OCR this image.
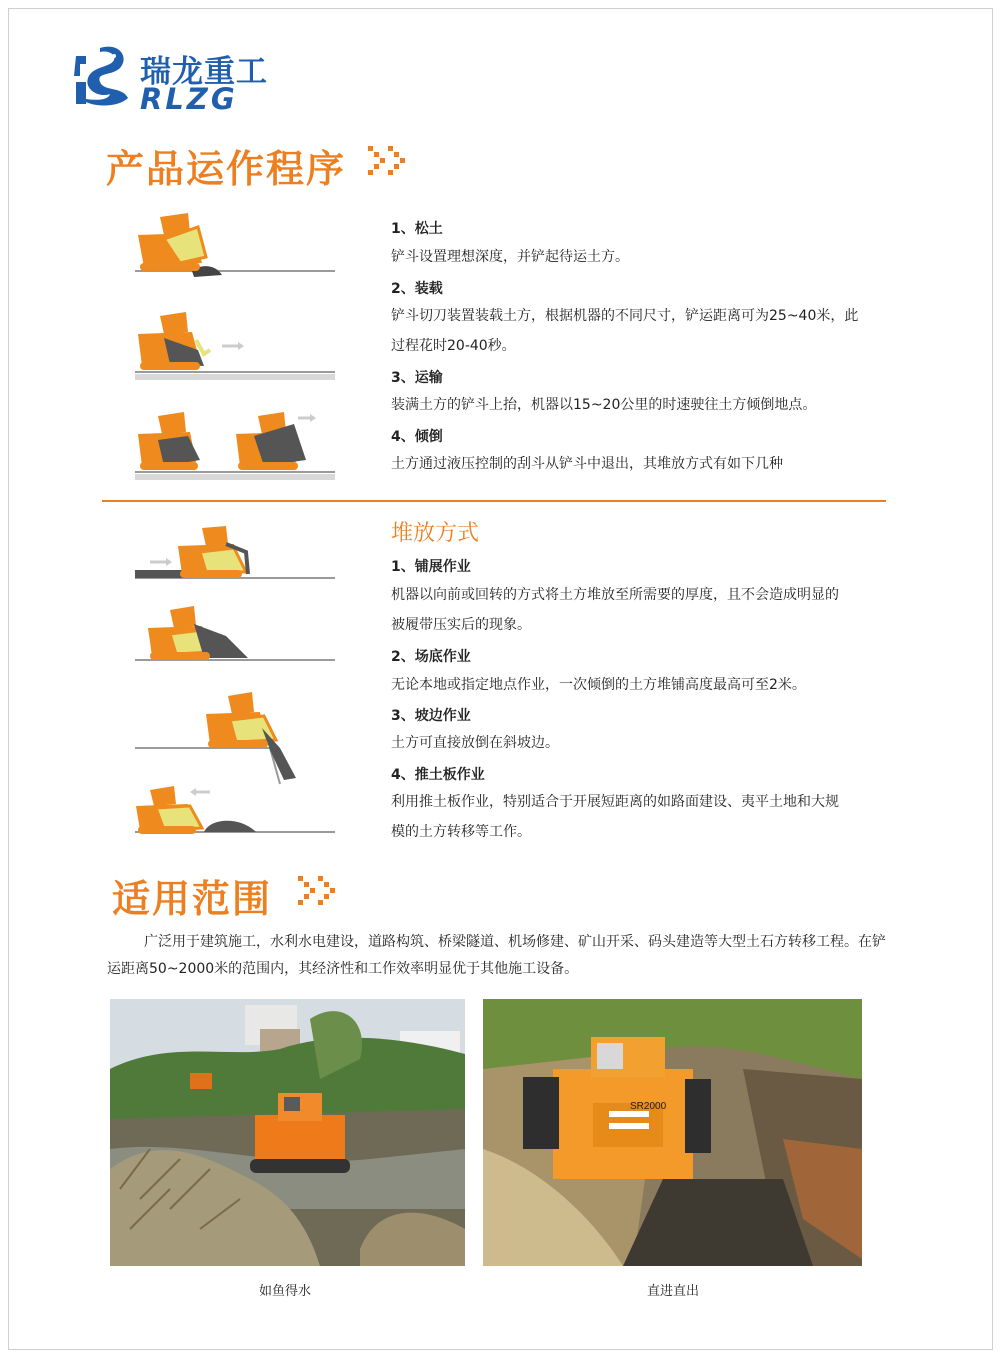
瑞龙重工
RLZG
产品运作程序
1、松土
铲斗设置理想深度，并铲起待运土方。
2、装载
铲斗切刀装置装载土方，根据机器的不同尺寸，铲运距离可为25~40米，此过程花时20-40秒。
3、运输
装满土方的铲斗上抬，机器以15~20公里的时速驶往土方倾倒地点。
4、倾倒
土方通过液压控制的刮斗从铲斗中退出，其堆放方式有如下几种
堆放方式
1、铺展作业
机器以向前或回转的方式将土方堆放至所需要的厚度，且不会造成明显的被履带压实后的现象。
2、场底作业
无论本地或指定地点作业，一次倾倒的土方堆铺高度最高可至2米。
3、坡边作业
土方可直接放倒在斜坡边。
4、推土板作业
利用推土板作业，特别适合于开展短距离的如路面建设、夷平土地和大规模的土方转移等工作。
适用范围
广泛用于建筑施工，水利水电建设，道路构筑、桥梁隧道、机场修建、矿山开采、码头建造等大型土石方转移工程。在铲运距离50~2000米的范围内，其经济性和工作效率明显优于其他施工设备。
如鱼得水
SR2000
直进直出
